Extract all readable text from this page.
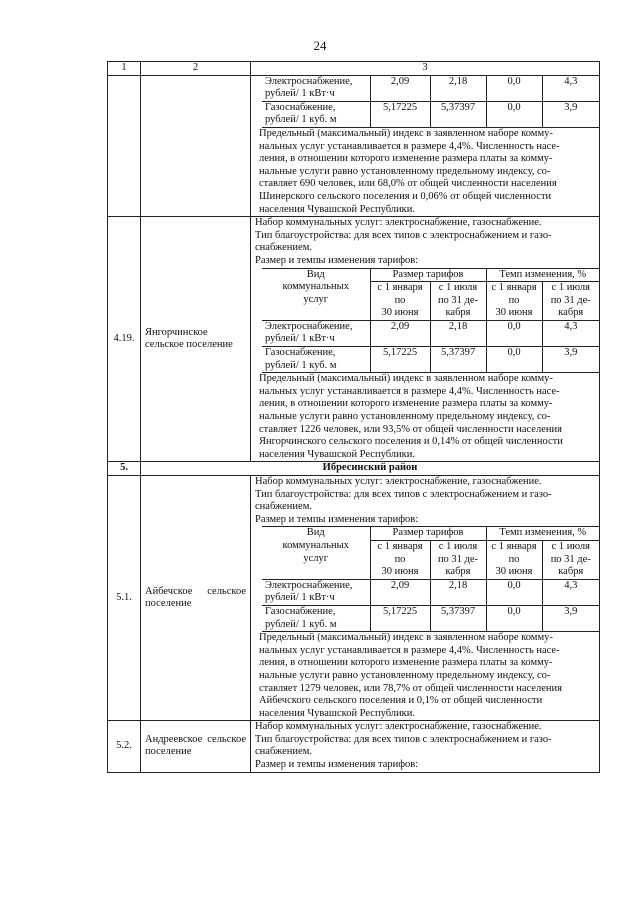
24
1	2	3

Электроснабжение,
рублей/ 1 кВт·ч
	2,09	2,18	0,0	4,3

Газоснабжение,
рублей/ 1 куб. м
	5,17225	5,37397	0,0	3,9
Предельный (максимальный) индекс в заявленном наборе комму-
нальных услуг устанавливается в размере 4,4%. Численность насе-
ления, в отношении которого изменение размера платы за комму-
нальные услуги равно установленному предельному индексу, со-
ставляет 690 человек, или 68,0% от общей численности населения
Шинерского сельского поселения и 0,06% от общей численности
населения Чувашской Республики.

4.19.	Янгорчинское сельское поселение	
Набор коммунальных услуг: электроснабжение, газоснабжение.
Тип благоустройства: для всех типов с электроснабжением и газо-
снабжением.
Размер и темпы изменения тарифов:
Вид
коммунальных
услуг
	Размер тарифов	Темп изменения, %

с 1 января
по
30 июня

с 1 июля
по 31 де-
кабря

с 1 января
по
30 июня

с 1 июля
по 31 де-
кабря

Электроснабжение,
рублей/ 1 кВт·ч
	2,09	2,18	0,0	4,3

Газоснабжение,
рублей/ 1 куб. м
	5,17225	5,37397	0,0	3,9
Предельный (максимальный) индекс в заявленном наборе комму-
нальных услуг устанавливается в размере 4,4%. Численность насе-
ления, в отношении которого изменение размера платы за комму-
нальные услуги равно установленному предельному индексу, со-
ставляет 1226 человек, или 93,5% от общей численности населения
Янгорчинского сельского поселения и 0,14% от общей численности
населения Чувашской Республики.

5.	Ибресинский район
5.1.	Айбечское сельское поселение	
Набор коммунальных услуг: электроснабжение, газоснабжение.
Тип благоустройства: для всех типов с электроснабжением и газо-
снабжением.
Размер и темпы изменения тарифов:
Вид
коммунальных
услуг
	Размер тарифов	Темп изменения, %

с 1 января
по
30 июня

с 1 июля
по 31 де-
кабря

с 1 января
по
30 июня

с 1 июля
по 31 де-
кабря

Электроснабжение,
рублей/ 1 кВт·ч
	2,09	2,18	0,0	4,3

Газоснабжение,
рублей/ 1 куб. м
	5,17225	5,37397	0,0	3,9
Предельный (максимальный) индекс в заявленном наборе комму-
нальных услуг устанавливается в размере 4,4%. Численность насе-
ления, в отношении которого изменение размера платы за комму-
нальные услуги равно установленному предельному индексу, со-
ставляет 1279 человек, или 78,7% от общей численности населения
Айбечского сельского поселения и 0,1% от общей численности
населения Чувашской Республики.

5.2.	Андреевское сельское поселение	
Набор коммунальных услуг: электроснабжение, газоснабжение.
Тип благоустройства: для всех типов с электроснабжением и газо-
снабжением.
Размер и темпы изменения тарифов:
